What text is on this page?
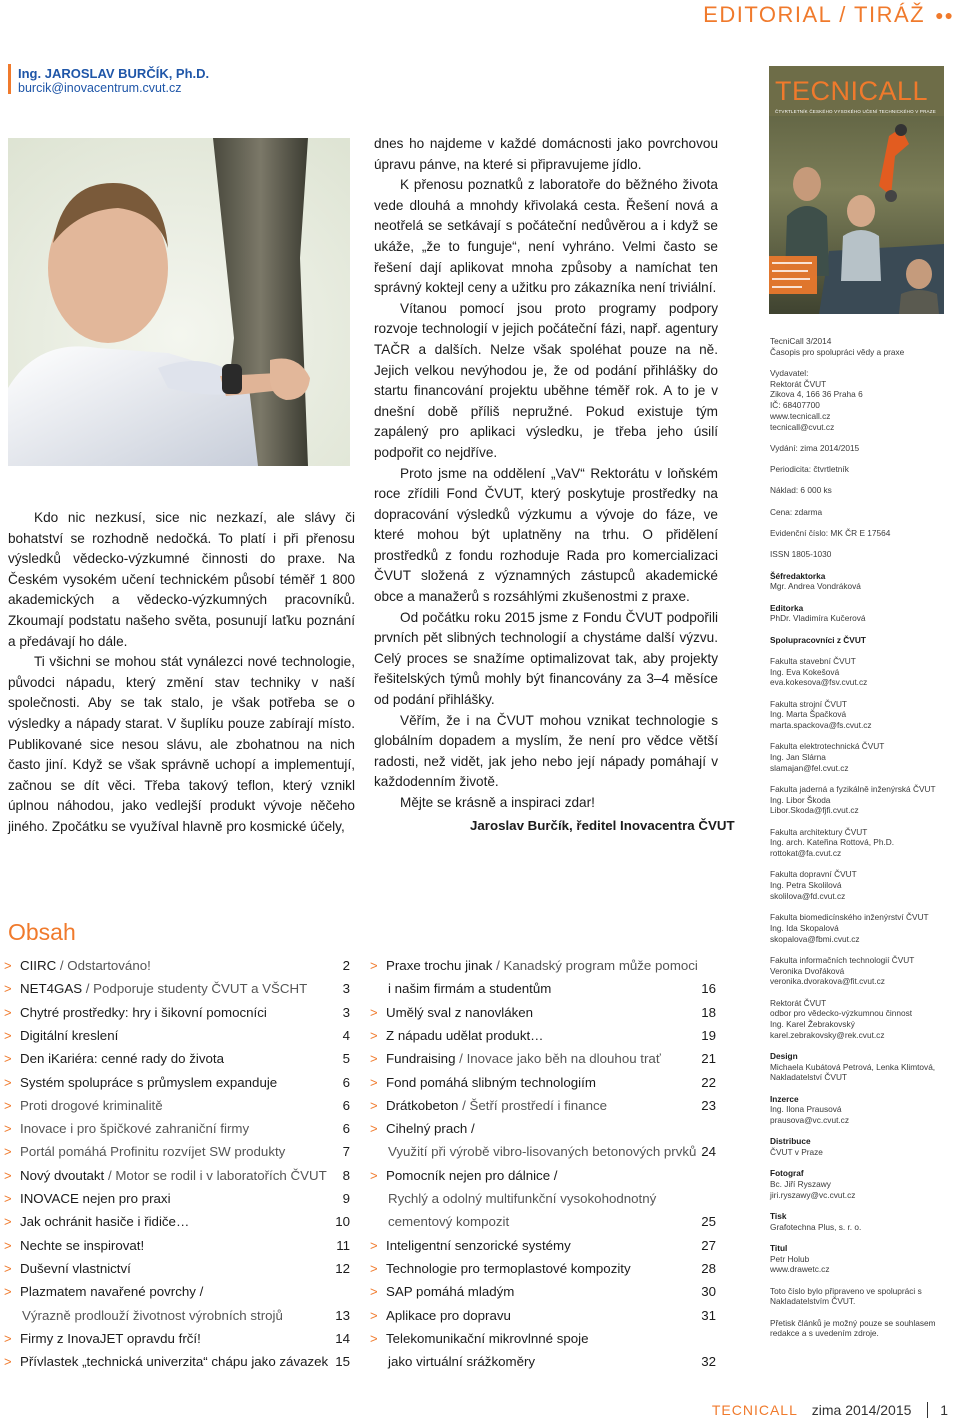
EDITORIAL / TIRÁŽ ●●
Ing. JAROSLAV BURČÍK, Ph.D.
burcik@inovacentrum.cvut.cz

Kdo nic nezkusí, sice nic nezkazí, ale slávy či bohatství se rozhodně nedočká. To platí i při přenosu výsledků vědecko-výzkumné činnosti do praxe. Na Českém vysokém učení technickém působí téměř 1 800 akademických a vědecko-výzkumných pracovníků. Zkoumají podstatu našeho světa, posunují laťku poznání a předávají ho dále.

Ti všichni se mohou stát vynálezci nové technologie, původci nápadu, který změní stav techniky v naší společnosti. Aby se tak stalo, je však potřeba se o výsledky a nápady starat. V šuplíku pouze zabírají místo. Publikované sice nesou slávu, ale zbohatnou na nich často jiní. Když se však správně uchopí a implementují, začnou se dít věci. Třeba takový teflon, který vznikl úplnou náhodou, jako vedlejší produkt vývoje něčeho jiného. Zpočátku se využíval hlavně pro kosmické účely,

dnes ho najdeme v každé domácnosti jako povrchovou úpravu pánve, na které si připravujeme jídlo.

K přenosu poznatků z laboratoře do běžného života vede dlouhá a mnohdy křivolaká cesta. Řešení nová a neotřelá se setkávají s počáteční nedůvěrou a i když se ukáže, „že to funguje“, není vyhráno. Velmi často se řešení dají aplikovat mnoha způsoby a namíchat ten správný koktejl ceny a užitku pro zákazníka není triviální.

Vítanou pomocí jsou proto programy podpory rozvoje technologií v jejich počáteční fázi, např. agentury TAČR a dalších. Nelze však spoléhat pouze na ně. Jejich velkou nevýhodou je, že od podání přihlášky do startu financování projektu uběhne téměř rok. A to je v dnešní době příliš nepružné. Pokud existuje tým zapálený pro aplikaci výsledku, je třeba jeho úsilí podpořit co nejdříve.

Proto jsme na oddělení „VaV“ Rektorátu v loňském roce zřídili Fond ČVUT, který poskytuje prostředky na dopracování výsledků výzkumu a vývoje do fáze, ve které mohou být uplatněny na trhu. O přidělení prostředků z fondu rozhoduje Rada pro komercializaci ČVUT složená z významných zástupců akademické obce a manažerů s rozsáhlými zkušenostmi z praxe.

Od počátku roku 2015 jsme z Fondu ČVUT podpořili prvních pět slibných technologií a chystáme další výzvu. Celý proces se snažíme optimalizovat tak, aby projekty řešitelských týmů mohly být financovány za 3–4 měsíce od podání přihlášky.

Věřím, že i na ČVUT mohou vznikat technologie s globálním dopadem a myslím, že není pro vědce větší radosti, než vidět, jak jeho nebo její nápady pomáhají v každodenním životě.

Mějte se krásně a inspiraci zdar!

Jaroslav Burčík, ředitel Inovacentra ČVUT
TECNICALL
ČTVRTLETNÍK ČESKÉHO VYSOKÉHO UČENÍ TECHNICKÉHO V PRAZE
TecniCall 3/2014
Časopis pro spolupráci vědy a praxe
Vydavatel:
Rektorát ČVUT
Zikova 4, 166 36 Praha 6
IČ: 68407700
www.tecnicall.cz
tecnicall@cvut.cz
Vydání: zima 2014/2015
Periodicita: čtvrtletník
Náklad: 6 000 ks
Cena: zdarma
Evidenční číslo: MK ČR E 17564
ISSN 1805-1030
Šéfredaktorka
Mgr. Andrea Vondráková
Editorka
PhDr. Vladimíra Kučerová
Spolupracovníci z ČVUT
Fakulta stavební ČVUT
Ing. Eva Kokešová
eva.kokesova@fsv.cvut.cz
Fakulta strojní ČVUT
Ing. Marta Špačková
marta.spackova@fs.cvut.cz
Fakulta elektrotechnická ČVUT
Ing. Jan Slárna
slamajan@fel.cvut.cz
Fakulta jaderná a fyzikálně inženýrská ČVUT
Ing. Libor Škoda
Libor.Skoda@fjfi.cvut.cz
Fakulta architektury ČVUT
Ing. arch. Kateřina Rottová, Ph.D.
rottokat@fa.cvut.cz
Fakulta dopravní ČVUT
Ing. Petra Skolilová
skolilova@fd.cvut.cz
Fakulta biomedicínského inženýrství ČVUT
Ing. Ida Skopalová
skopalova@fbmi.cvut.cz
Fakulta informačních technologií ČVUT
Veronika Dvořáková
veronika.dvorakova@fit.cvut.cz
Rektorát ČVUT
odbor pro vědecko-výzkumnou činnost
Ing. Karel Žebrakovský
karel.zebrakovsky@rek.cvut.cz
Design
Michaela Kubátová Petrová, Lenka Klimtová,
Nakladatelství ČVUT
Inzerce
Ing. Ilona Prausová
prausova@vc.cvut.cz
Distribuce
ČVUT v Praze
Fotograf
Bc. Jiří Ryszawy
jiri.ryszawy@vc.cvut.cz
Tisk
Grafotechna Plus, s. r. o.
Titul
Petr Holub
www.drawetc.cz
Toto číslo bylo připraveno ve spolupráci s Nakladatelstvím ČVUT.
Přetisk článků je možný pouze se souhlasem redakce a s uvedením zdroje.
Obsah
> CIIRC / Odstartováno!	2
> NET4GAS / Podporuje studenty ČVUT a VŠCHT	3
> Chytré prostředky: hry i šikovní pomocníci	3
> Digitální kreslení	4
> Den iKariéra: cenné rady do života	5
> Systém spolupráce s průmyslem expanduje	6
> Proti drogové kriminalitě	6
> Inovace i pro špičkové zahraniční firmy	6
> Portál pomáhá Profinitu rozvíjet SW produkty	7
> Nový dvoutakt / Motor se rodil i v laboratořích ČVUT	8
> INOVACE nejen pro praxi	9
> Jak ochránit hasiče i řidiče…	10
> Nechte se inspirovat!	11
> Duševní vlastnictví	12
> Plazmatem navařené povrchy /
Výrazně prodlouží životnost výrobních strojů	13
> Firmy z InovaJET opravdu frčí!	14
> Přívlastek „technická univerzita“ chápu jako závazek 15
> Praxe trochu jinak / Kanadský program může pomoci
i našim firmám a studentům	16
> Umělý sval z nanovláken	18
> Z nápadu udělat produkt…	19
> Fundraising / Inovace jako běh na dlouhou trať	21
> Fond pomáhá slibným technologiím	22
> Drátkobeton / Šetří prostředí i finance	23
> Cihelný prach /
Využití při výrobě vibro-lisovaných betonových prvků 24
> Pomocník nejen pro dálnice /
Rychlý a odolný multifunkční vysokohodnotný
cementový kompozit	25
> Inteligentní senzorické systémy	27
> Technologie pro termoplastové kompozity	28
> SAP pomáhá mladým	30
> Aplikace pro dopravu	31
> Telekomunikační mikrovlnné spoje
jako virtuální srážkoměry	32
TECNICALL zima 2014/2015 1
